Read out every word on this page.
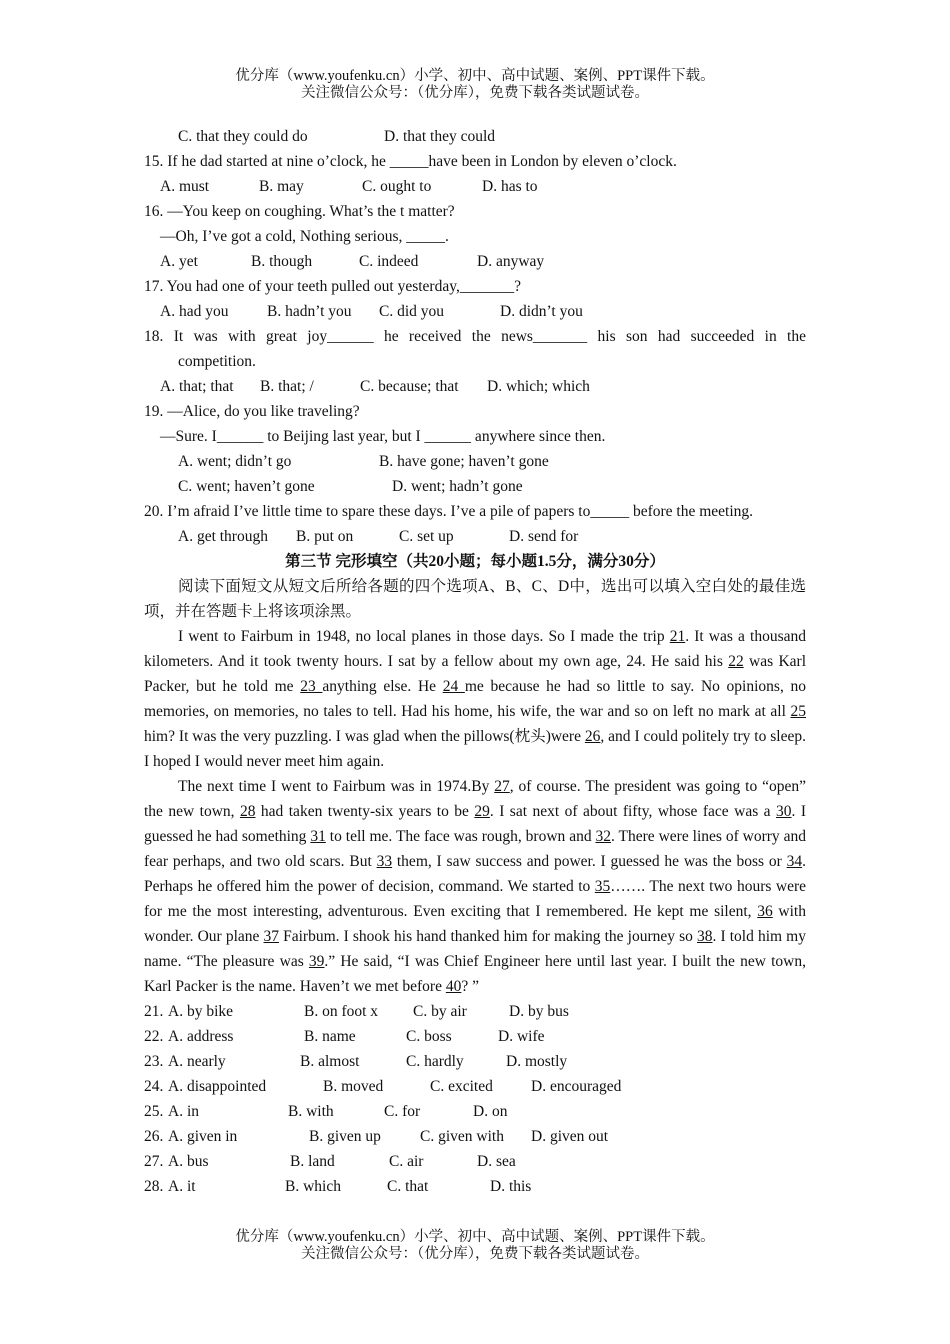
优分库（www.youfenku.cn）小学、初中、高中试题、案例、PPT课件下载。
关注微信公众号：（优分库），免费下载各类试题试卷。
C. that they could do	D. that they could
15. If he dad started at nine o’clock, he _____have been in London by eleven o’clock.
A. must	B. may	C. ought to	D. has to
16. —You keep on coughing. What’s the t matter?
—Oh, I’ve got a cold, Nothing serious, _____.
A. yet	B. though	C. indeed	D. anyway
17. You had one of your teeth pulled out yesterday,_______?
A. had you B. hadn’t you C. did you	D. didn’t you
18. It was with great joy______ he received the news_______ his son had succeeded in the
competition.
A. that; that B. that; /	C. because; that D. which; which
19. —Alice, do you like traveling?
—Sure. I______ to Beijing last year, but I ______ anywhere since then.
A. went; didn’t go	B. have gone; haven’t gone
C. went; haven’t gone	D. went; hadn’t gone
20. I’m afraid I’ve little time to spare these days. I’ve a pile of papers to_____ before the meeting.
A. get through B. put on	C. set up	D. send for
第三节 完形填空（共20小题；每小题1.5分，满分30分）

阅读下面短文从短文后所给各题的四个选项A、B、C、D中，选出可以填入空白处的最佳选项，并在答题卡上将该项涂黑。

I went to Fairbum in 1948, no local planes in those days. So I made the trip 21. It was a thousand kilometers. And it took twenty hours. I sat by a fellow about my own age, 24. He said his 22 was Karl Packer, but he told me 23 anything else. He 24 me because he had so little to say. No opinions, no memories, on memories, no tales to tell. Had his home, his wife, the war and so on left no mark at all 25 him? It was the very puzzling. I was glad when the pillows(枕头)were 26, and I could politely try to sleep. I hoped I would never meet him again.

The next time I went to Fairbum was in 1974.By 27, of course. The president was going to “open” the new town, 28 had taken twenty-six years to be 29. I sat next of about fifty, whose face was a 30. I guessed he had something 31 to tell me. The face was rough, brown and 32. There were lines of worry and fear perhaps, and two old scars. But 33 them, I saw success and power. I guessed he was the boss or 34. Perhaps he offered him the power of decision, command. We started to 35……. The next two hours were for me the most interesting, adventurous. Even exciting that I remembered. He kept me silent, 36 with wonder. Our plane 37 Fairbum. I shook his hand thanked him for making the journey so 38. I told him my name. “The pleasure was 39.” He said, “I was Chief Engineer here until last year. I built the new town, Karl Packer is the name. Haven’t we met before 40? ”

21. A. by bike	B. on foot x C. by air	D. by bus
22. A. address	B. name	C. boss	D. wife
23. A. nearly	B. almost	C. hardly	D. mostly
24. A. disappointed	B. moved	C. excited D. encouraged
25. A. in	B. with	C. for	D. on
26. A. given in	B. given up	C. given with D. given out
27. A. bus	B. land	C. air	D. sea
28. A. it	B. which	C. that	D. this
优分库（www.youfenku.cn）小学、初中、高中试题、案例、PPT课件下载。
关注微信公众号：（优分库），免费下载各类试题试卷。
